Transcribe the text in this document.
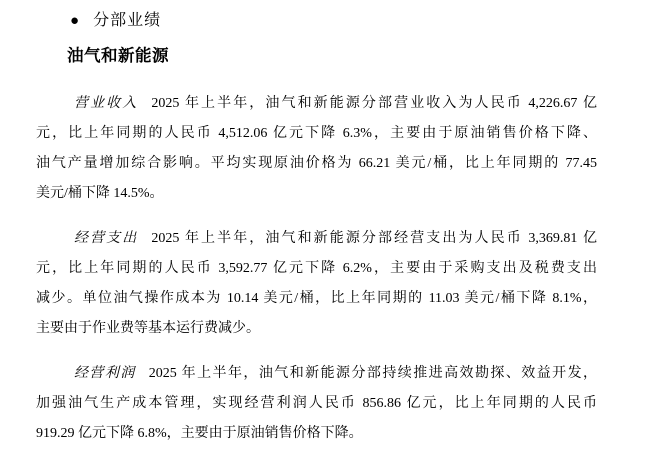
● 分部业绩
油气和新能源
营业收入 2025 年上半年，油气和新能源分部营业收入为人民币 4,226.67 亿
元，比上年同期的人民币 4,512.06 亿元下降 6.3%，主要由于原油销售价格下降、
油气产量增加综合影响。平均实现原油价格为 66.21 美元/桶，比上年同期的 77.45
美元/桶下降 14.5%。
经营支出 2025 年上半年，油气和新能源分部经营支出为人民币 3,369.81 亿
元，比上年同期的人民币 3,592.77 亿元下降 6.2%，主要由于采购支出及税费支出
减少。单位油气操作成本为 10.14 美元/桶，比上年同期的 11.03 美元/桶下降 8.1%，
主要由于作业费等基本运行费减少。
经营利润 2025 年上半年，油气和新能源分部持续推进高效勘探、效益开发，
加强油气生产成本管理，实现经营利润人民币 856.86 亿元，比上年同期的人民币
919.29 亿元下降 6.8%，主要由于原油销售价格下降。
